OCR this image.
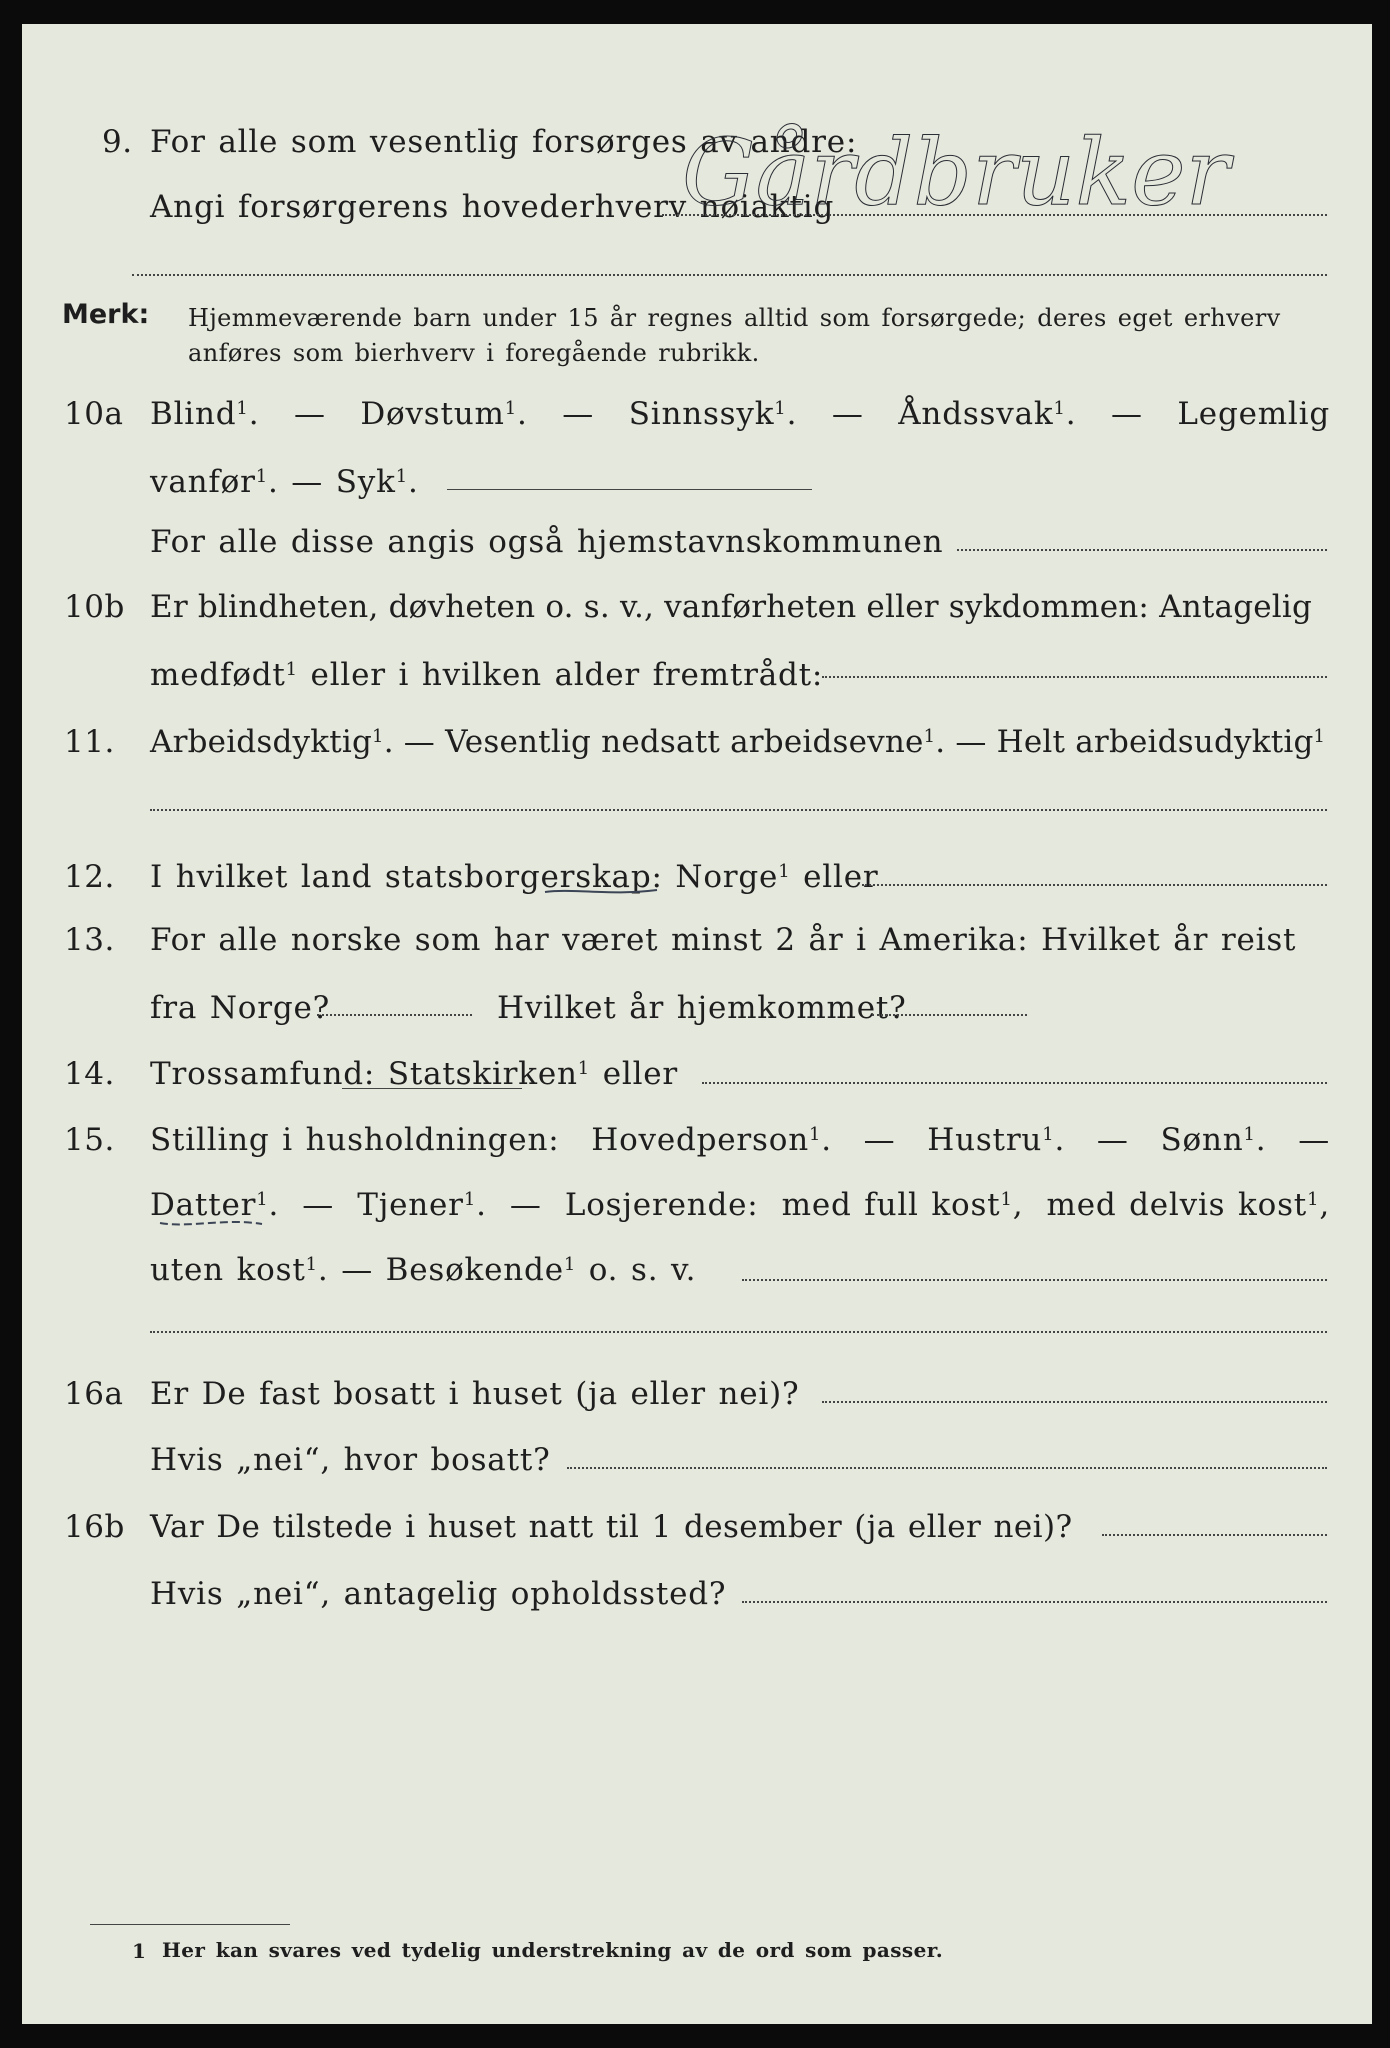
9. For alle som vesentlig forsørges av andre:
Angi forsørgerens hovederhverv nøiaktig
Gårdbruker
Merk: Hjemmeværende barn under 15 år regnes alltid som forsørgede; deres eget erhverv
anføres som bierhverv i foregående rubrikk.
10a Blind$^1$. — Døvstum$^1$. — Sinnssyk$^1$. — Åndssvak$^1$. — Legemlig
vanfør$^1$. — Syk$^1$.
For alle disse angis også hjemstavnskommunen
10b Er blindheten, døvheten o. s. v., vanførheten eller sykdommen: Antagelig
medfødt$^1$ eller i hvilken alder fremtrådt:
11. Arbeidsdyktig$^1$. — Vesentlig nedsatt arbeidsevne$^1$. — Helt arbeidsudyktig$^1$
12. I hvilket land statsborgerskap: Norge$^1$ eller
13. For alle norske som har været minst 2 år i Amerika: Hvilket år reist
fra Norge?	Hvilket år hjemkommet?
14. Trossamfund: Statskirken$^1$ eller
15. Stilling i husholdningen: Hovedperson$^1$. — Hustru$^1$. — Sønn$^1$. —
Datter$^1$. — Tjener$^1$. — Losjerende: med full kost$^1$, med delvis kost$^1$,
uten kost$^1$. — Besøkende$^1$ o. s. v.
16a Er De fast bosatt i huset (ja eller nei)?
Hvis „nei“, hvor bosatt?	Ja
16b Var De tilstede i huset natt til 1 desember (ja eller nei)?
Hvis „nei“, antagelig opholdssted?	Ja
1 Her kan svares ved tydelig understrekning av de ord som passer.
